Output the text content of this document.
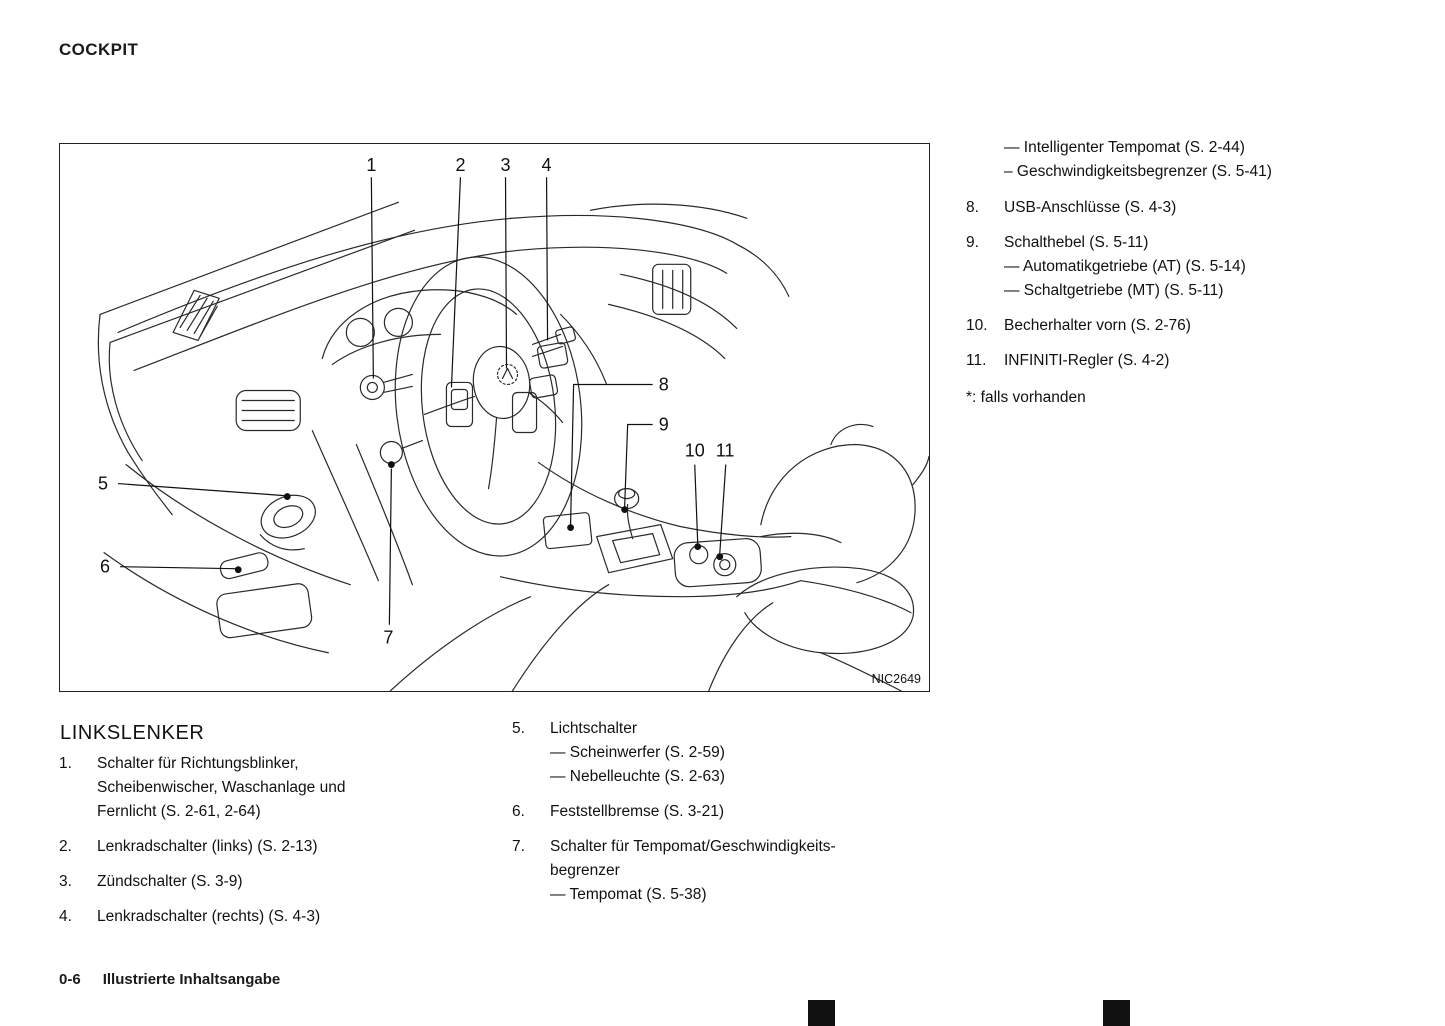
COCKPIT
1	2 3 4
5
6
7
8
9
10 11
NIC2649
— Intelligenter Tempomat (S. 2-44)
– Geschwindigkeitsbegrenzer (S. 5-41)
8.	USB-Anschlüsse (S. 4-3)
9.	Schalthebel (S. 5-11)
— Automatikgetriebe (AT) (S. 5-14)
— Schaltgetriebe (MT) (S. 5-11)
10.	Becherhalter vorn (S. 2-76)
11.	INFINITI-Regler (S. 4-2)
*: falls vorhanden
LINKSLENKER
1.	Schalter für Richtungsblinker,
Scheibenwischer, Waschanlage und
Fernlicht (S. 2-61, 2-64)
2.	Lenkradschalter (links) (S. 2-13)
3.	Zündschalter (S. 3-9)
4.	Lenkradschalter (rechts) (S. 4-3)
5.	Lichtschalter
— Scheinwerfer (S. 2-59)
— Nebelleuchte (S. 2-63)
6.	Feststellbremse (S. 3-21)
7.	Schalter für Tempomat/Geschwindigkeits-
begrenzer
— Tempomat (S. 5-38)
0-6 Illustrierte Inhaltsangabe
